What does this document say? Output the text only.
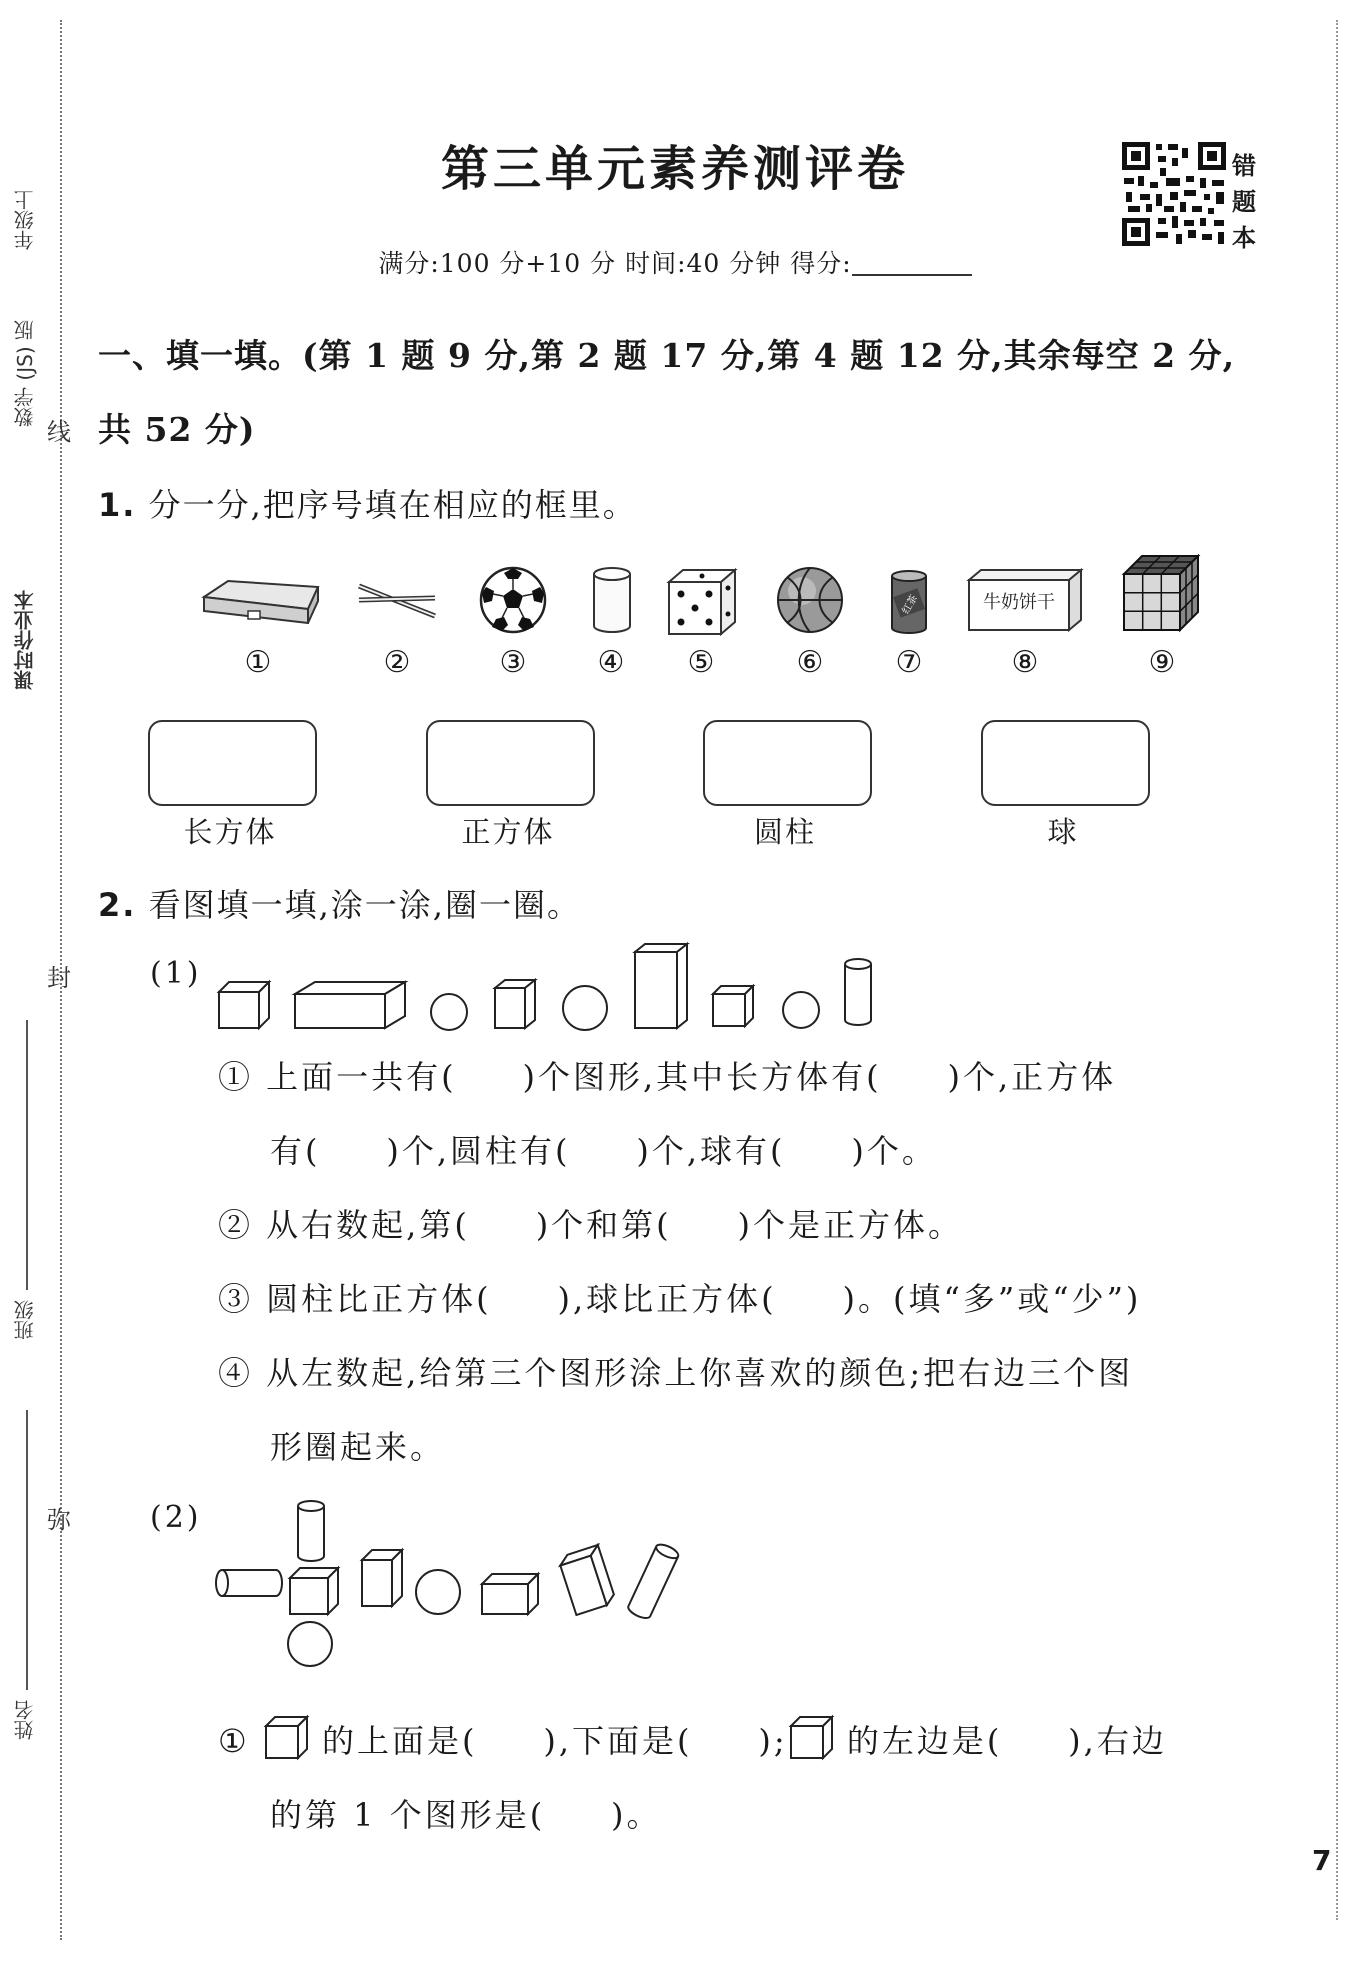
年级上
数学 (JS) 版
课时作业本
线
封
弥
班级
姓名
第三单元素养测评卷
满分:100 分+10 分 时间:40 分钟 得分:
错
题
本
一、填一填。(第 1 题 9 分,第 2 题 17 分,第 4 题 12 分,其余每空 2 分,
共 52 分)
1. 分一分,把序号填在相应的框里。
红茶	牛奶饼干
①	②	③	④	⑤	⑥	⑦	⑧	⑨
长方体	正方体	圆柱	球
2. 看图填一填,涂一涂,圈一圈。
(1)
① 上面一共有(     )个图形,其中长方体有(     )个,正方体
有(     )个,圆柱有(     )个,球有(     )个。
② 从右数起,第(     )个和第(     )个是正方体。
③ 圆柱比正方体(     ),球比正方体(     )。(填“多”或“少”)
④ 从左数起,给第三个图形涂上你喜欢的颜色;把右边三个图
形圈起来。
(2)
①  的上面是(     ),下面是(     ); 的左边是(     ),右边
的第 1 个图形是(     )。
7
